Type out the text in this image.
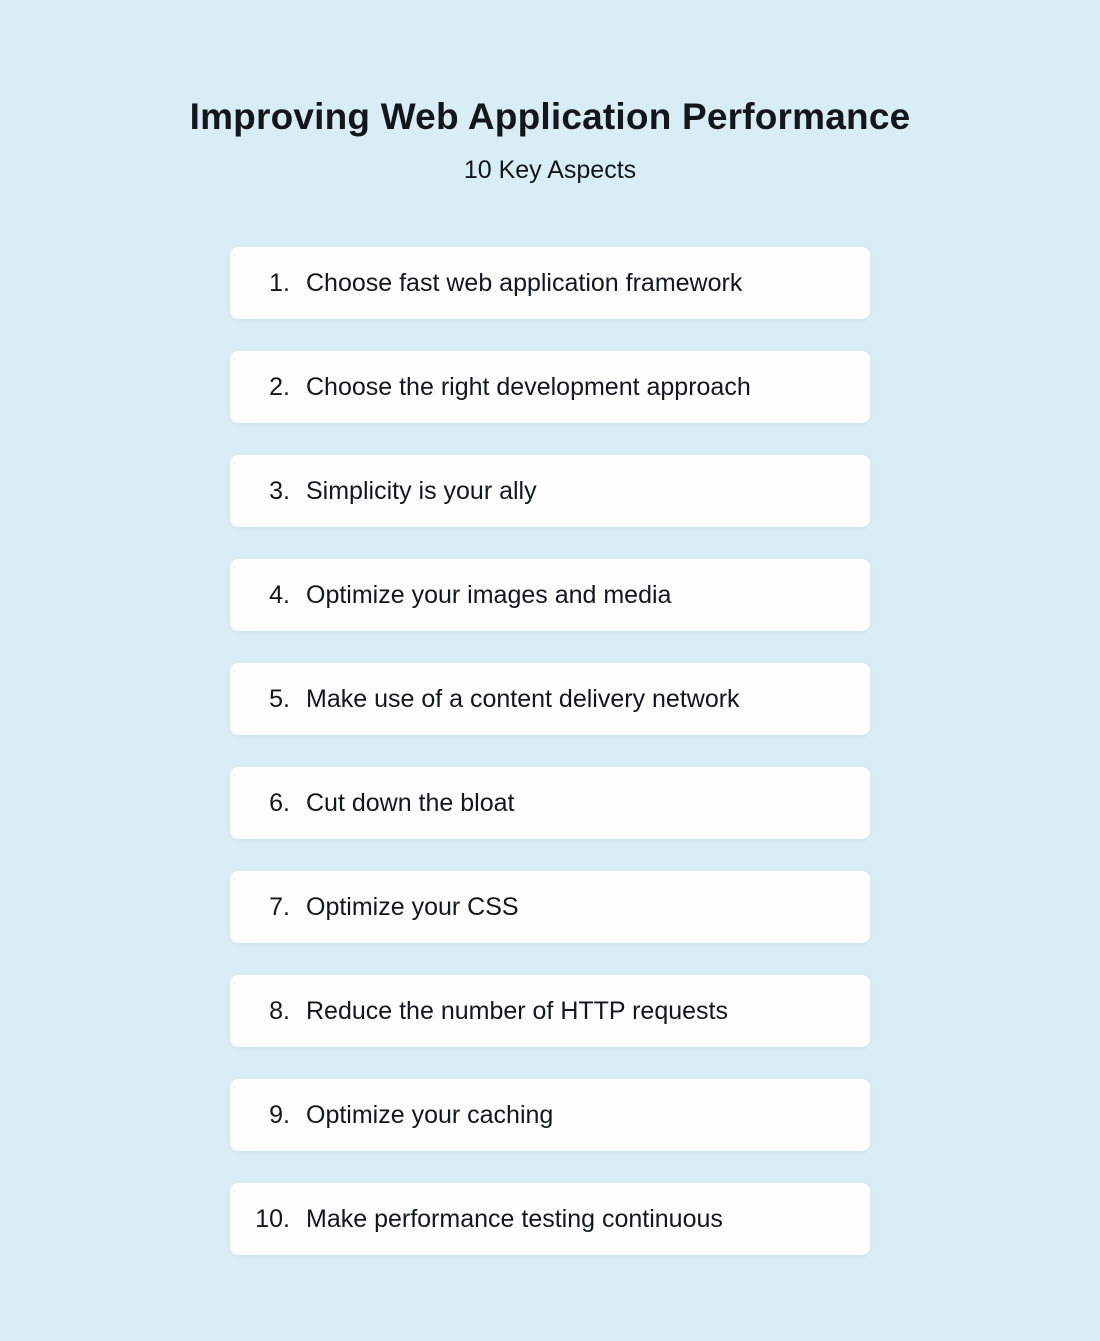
Improving Web Application Performance

10 Key Aspects

1. Choose fast web application framework
2. Choose the right development approach
3. Simplicity is your ally
4. Optimize your images and media
5. Make use of a content delivery network
6. Cut down the bloat
7. Optimize your CSS
8. Reduce the number of HTTP requests
9. Optimize your caching
10. Make performance testing continuous
